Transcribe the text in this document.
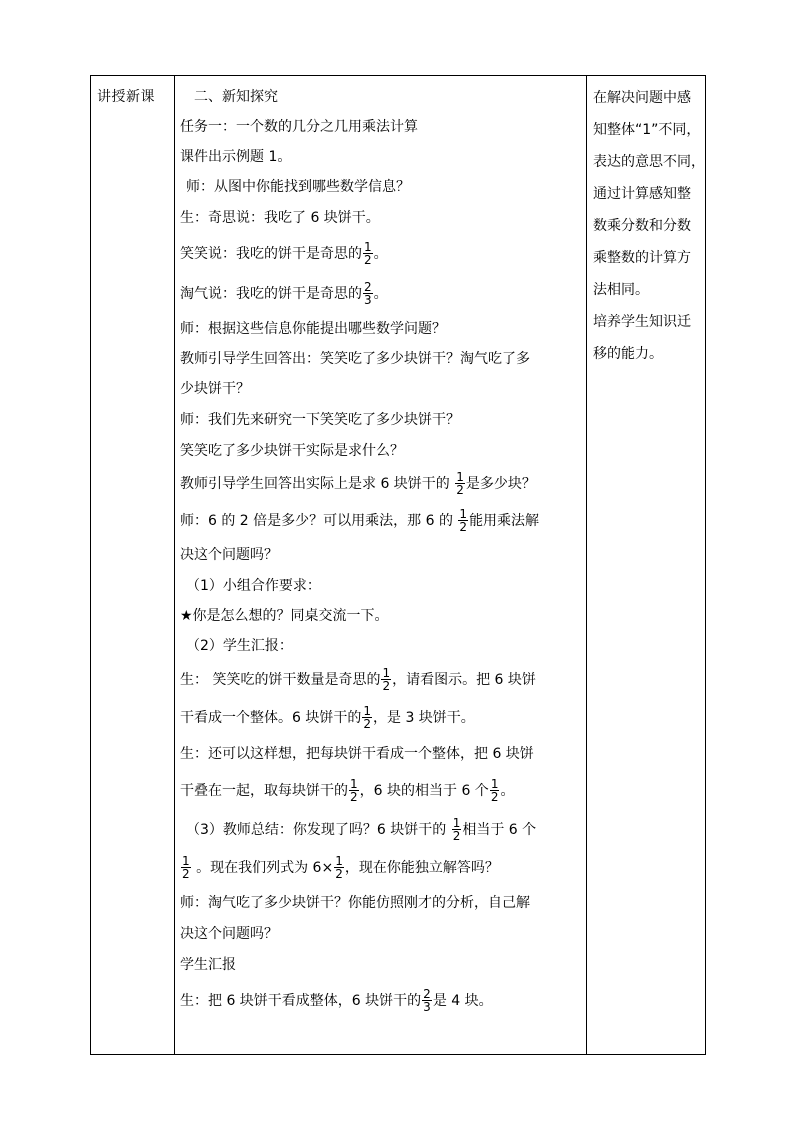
讲授新课	二、新知探究
任务一：一个数的几分之几用乘法计算
课件出示例题 1。
师：从图中你能找到哪些数学信息？
生：奇思说：我吃了 6 块饼干。
笑笑说：我吃的饼干是奇思的 $\frac{1}{2}$ 。
淘气说：我吃的饼干是奇思的 $\frac{2}{3}$ 。
师：根据这些信息你能提出哪些数学问题？
教师引导学生回答出：笑笑吃了多少块饼干？淘气吃了多
少块饼干？
师：我们先来研究一下笑笑吃了多少块饼干？
笑笑吃了多少块饼干实际是求什么？
教师引导学生回答出实际上是求 6 块饼干的 $\frac{1}{2}$ 是多少块？
师：6 的 2 倍是多少？可以用乘法，那 6 的 $\frac{1}{2}$ 能用乘法解
决这个问题吗？
（1）小组合作要求：
★你是怎么想的？同桌交流一下。
（2）学生汇报：
生： 笑笑吃的饼干数量是奇思的 $\frac{1}{2}$ ，请看图示。把 6 块饼
干看成一个整体。6 块饼干的 $\frac{1}{2}$ ，是 3 块饼干。
生：还可以这样想，把每块饼干看成一个整体，把 6 块饼
干叠在一起，取每块饼干的 $\frac{1}{2}$ ，6 块的相当于 6 个 $\frac{1}{2}$ 。
（3）教师总结：你发现了吗？6 块饼干的 $\frac{1}{2}$ 相当于 6 个
$\frac{1}{2}$ 。现在我们列式为 $6\times \frac{1}{2}$ ，现在你能独立解答吗？
师：淘气吃了多少块饼干？你能仿照刚才的分析，自己解
决这个问题吗？
学生汇报
生：把 6 块饼干看成整体，6 块饼干的 $\frac{2}{3}$ 是 4 块。
在解决问题中感
知整体“1”不同，
表达的意思不同，
通过计算感知整
数乘分数和分数
乘整数的计算方
法相同。
培养学生知识迁
移的能力。
